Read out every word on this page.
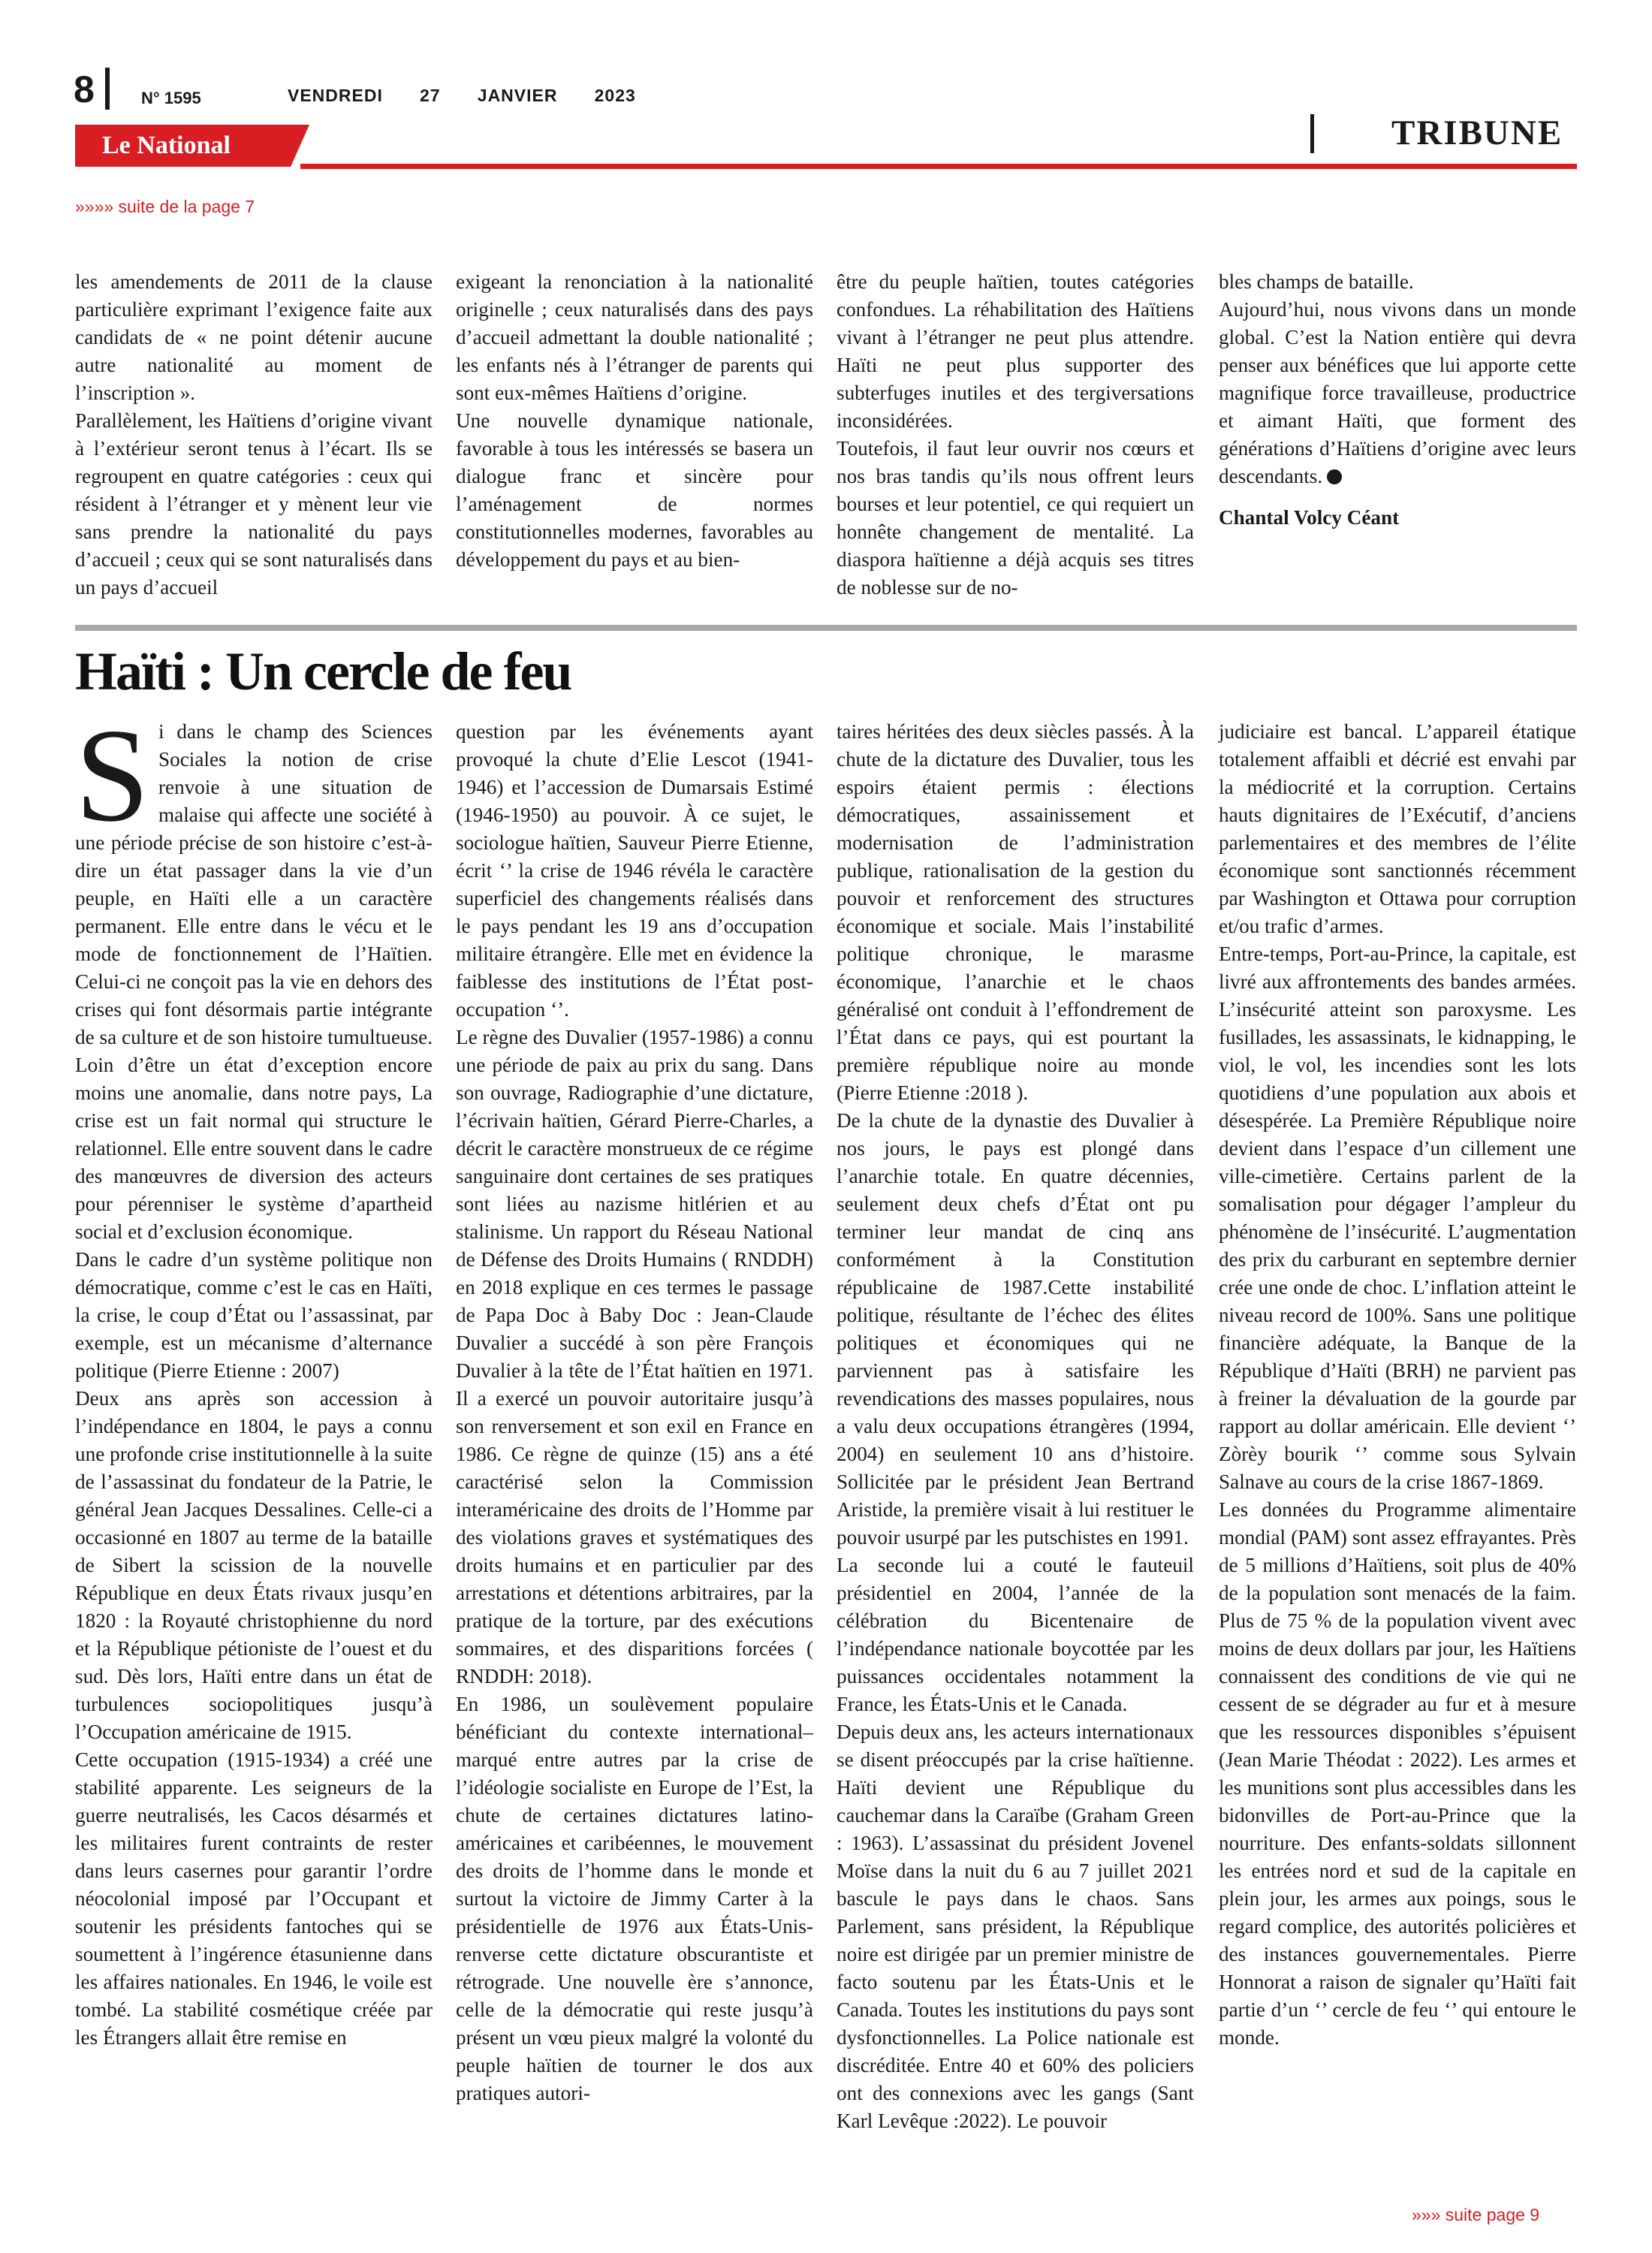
8	N° 1595	VENDREDI   27   JANVIER   2023
Le National	TRIBUNE
»»»» suite de la page 7

les amendements de 2011 de la clause particulière exprimant l’exigence faite aux candidats de « ne point détenir aucune autre nationalité au moment de l’inscription ».

Parallèlement, les Haïtiens d’origine vivant à l’extérieur seront tenus à l’écart. Ils se regroupent en quatre catégories : ceux qui résident à l’étranger et y mènent leur vie sans prendre la nationalité du pays d’accueil ; ceux qui se sont naturalisés dans un pays d’accueil

exigeant la renonciation à la nationalité originelle ; ceux naturalisés dans des pays d’accueil admettant la double nationalité ; les enfants nés à l’étranger de parents qui sont eux-mêmes Haïtiens d’origine.

Une nouvelle dynamique nationale, favorable à tous les intéressés se basera un dialogue franc et sincère pour l’aménagement de normes constitutionnelles modernes, favorables au développement du pays et au bien-

être du peuple haïtien, toutes catégories confondues. La réhabilitation des Haïtiens vivant à l’étranger ne peut plus attendre. Haïti ne peut plus supporter des subterfuges inutiles et des tergiversations inconsidérées.

Toutefois, il faut leur ouvrir nos cœurs et nos bras tandis qu’ils nous offrent leurs bourses et leur potentiel, ce qui requiert un honnête changement de mentalité. La diaspora haïtienne a déjà acquis ses titres de noblesse sur de no-

bles champs de bataille.

Aujourd’hui, nous vivons dans un monde global. C’est la Nation entière qui devra penser aux bénéfices que lui apporte cette magnifique force travailleuse, productrice et aimant Haïti, que forment des générations d’Haïtiens d’origine avec leurs descendants.

Chantal Volcy Céant

Haïti : Un cercle de feu

Si dans le champ des Sciences Sociales la notion de crise renvoie à une situation de malaise qui affecte une société à une période précise de son histoire c’est-à-dire un état passager dans la vie d’un peuple, en Haïti elle a un caractère permanent. Elle entre dans le vécu et le mode de fonctionnement de l’Haïtien. Celui-ci ne conçoit pas la vie en dehors des crises qui font désormais partie intégrante de sa culture et de son histoire tumultueuse. Loin d’être un état d’exception encore moins une anomalie, dans notre pays, La crise est un fait normal qui structure le relationnel. Elle entre souvent dans le cadre des manœuvres de diversion des acteurs pour pérenniser le système d’apartheid social et d’exclusion économique.

Dans le cadre d’un système politique non démocratique, comme c’est le cas en Haïti, la crise, le coup d’État ou l’assassinat, par exemple, est un mécanisme d’alternance politique (Pierre Etienne : 2007)

Deux ans après son accession à l’indépendance en 1804, le pays a connu une profonde crise institutionnelle à la suite de l’assassinat du fondateur de la Patrie, le général Jean Jacques Dessalines. Celle-ci a occasionné en 1807 au terme de la bataille de Sibert la scission de la nouvelle République en deux États rivaux jusqu’en 1820 : la Royauté christophienne du nord et la République pétioniste de l’ouest et du sud. Dès lors, Haïti entre dans un état de turbulences sociopolitiques jusqu’à l’Occupation américaine de 1915.

Cette occupation (1915-1934) a créé une stabilité apparente. Les seigneurs de la guerre neutralisés, les Cacos désarmés et les militaires furent contraints de rester dans leurs casernes pour garantir l’ordre néocolonial imposé par l’Occupant et soutenir les présidents fantoches qui se soumettent à l’ingérence étasunienne dans les affaires nationales. En 1946, le voile est tombé. La stabilité cosmétique créée par les Étrangers allait être remise en

question par les événements ayant provoqué la chute d’Elie Lescot (1941-1946) et l’accession de Dumarsais Estimé (1946-1950) au pouvoir. À ce sujet, le sociologue haïtien, Sauveur Pierre Etienne, écrit ‘’ la crise de 1946 révéla le caractère superficiel des changements réalisés dans le pays pendant les 19 ans d’occupation militaire étrangère. Elle met en évidence la faiblesse des institutions de l’État post-occupation ‘’.

Le règne des Duvalier (1957-1986) a connu une période de paix au prix du sang. Dans son ouvrage, Radiographie d’une dictature, l’écrivain haïtien, Gérard Pierre-Charles, a décrit le caractère monstrueux de ce régime sanguinaire dont certaines de ses pratiques sont liées au nazisme hitlérien et au stalinisme. Un rapport du Réseau National de Défense des Droits Humains ( RNDDH) en 2018 explique en ces termes le passage de Papa Doc à Baby Doc : Jean-Claude Duvalier a succédé à son père François Duvalier à la tête de l’État haïtien en 1971. Il a exercé un pouvoir autoritaire jusqu’à son renversement et son exil en France en 1986. Ce règne de quinze (15) ans a été caractérisé selon la Commission interaméricaine des droits de l’Homme par des violations graves et systématiques des droits humains et en particulier par des arrestations et détentions arbitraires, par la pratique de la torture, par des exécutions sommaires, et des disparitions forcées ( RNDDH: 2018).

En 1986, un soulèvement populaire bénéficiant du contexte international– marqué entre autres par la crise de l’idéologie socialiste en Europe de l’Est, la chute de certaines dictatures latino-américaines et caribéennes, le mouvement des droits de l’homme dans le monde et surtout la victoire de Jimmy Carter à la présidentielle de 1976 aux États-Unis-renverse cette dictature obscurantiste et rétrograde. Une nouvelle ère s’annonce, celle de la démocratie qui reste jusqu’à présent un vœu pieux malgré la volonté du peuple haïtien de tourner le dos aux pratiques autori-

taires héritées des deux siècles passés. À la chute de la dictature des Duvalier, tous les espoirs étaient permis : élections démocratiques, assainissement et modernisation de l’administration publique, rationalisation de la gestion du pouvoir et renforcement des structures économique et sociale. Mais l’instabilité politique chronique, le marasme économique, l’anarchie et le chaos généralisé ont conduit à l’effondrement de l’État dans ce pays, qui est pourtant la première république noire au monde (Pierre Etienne :2018 ).

De la chute de la dynastie des Duvalier à nos jours, le pays est plongé dans l’anarchie totale. En quatre décennies, seulement deux chefs d’État ont pu terminer leur mandat de cinq ans conformément à la Constitution républicaine de 1987.Cette instabilité politique, résultante de l’échec des élites politiques et économiques qui ne parviennent pas à satisfaire les revendications des masses populaires, nous a valu deux occupations étrangères (1994, 2004) en seulement 10 ans d’histoire. Sollicitée par le président Jean Bertrand Aristide, la première visait à lui restituer le pouvoir usurpé par les putschistes en 1991.

La seconde lui a couté le fauteuil présidentiel en 2004, l’année de la célébration du Bicentenaire de l’indépendance nationale boycottée par les puissances occidentales notamment la France, les États-Unis et le Canada.

Depuis deux ans, les acteurs internationaux se disent préoccupés par la crise haïtienne. Haïti devient une République du cauchemar dans la Caraïbe (Graham Green : 1963). L’assassinat du président Jovenel Moïse dans la nuit du 6 au 7 juillet 2021 bascule le pays dans le chaos. Sans Parlement, sans président, la République noire est dirigée par un premier ministre de facto soutenu par les États-Unis et le Canada. Toutes les institutions du pays sont dysfonctionnelles. La Police nationale est discréditée. Entre 40 et 60% des policiers ont des connexions avec les gangs (Sant Karl Levêque :2022). Le pouvoir

judiciaire est bancal. L’appareil étatique totalement affaibli et décrié est envahi par la médiocrité et la corruption. Certains hauts dignitaires de l’Exécutif, d’anciens parlementaires et des membres de l’élite économique sont sanctionnés récemment par Washington et Ottawa pour corruption et/ou trafic d’armes.

Entre-temps, Port-au-Prince, la capitale, est livré aux affrontements des bandes armées. L’insécurité atteint son paroxysme. Les fusillades, les assassinats, le kidnapping, le viol, le vol, les incendies sont les lots quotidiens d’une population aux abois et désespérée. La Première République noire devient dans l’espace d’un cillement une ville-cimetière. Certains parlent de la somalisation pour dégager l’ampleur du phénomène de l’insécurité. L’augmentation des prix du carburant en septembre dernier crée une onde de choc. L’inflation atteint le niveau record de 100%. Sans une politique financière adéquate, la Banque de la République d’Haïti (BRH) ne parvient pas à freiner la dévaluation de la gourde par rapport au dollar américain. Elle devient ‘’ Zòrèy bourik ‘’ comme sous Sylvain Salnave au cours de la crise 1867-1869.

Les données du Programme alimentaire mondial (PAM) sont assez effrayantes. Près de 5 millions d’Haïtiens, soit plus de 40% de la population sont menacés de la faim. Plus de 75 % de la population vivent avec moins de deux dollars par jour, les Haïtiens connaissent des conditions de vie qui ne cessent de se dégrader au fur et à mesure que les ressources disponibles s’épuisent (Jean Marie Théodat : 2022). Les armes et les munitions sont plus accessibles dans les bidonvilles de Port-au-Prince que la nourriture. Des enfants-soldats sillonnent les entrées nord et sud de la capitale en plein jour, les armes aux poings, sous le regard complice, des autorités policières et des instances gouvernementales. Pierre Honnorat a raison de signaler qu’Haïti fait partie d’un ‘’ cercle de feu ‘’ qui entoure le monde.

»»» suite page 9
